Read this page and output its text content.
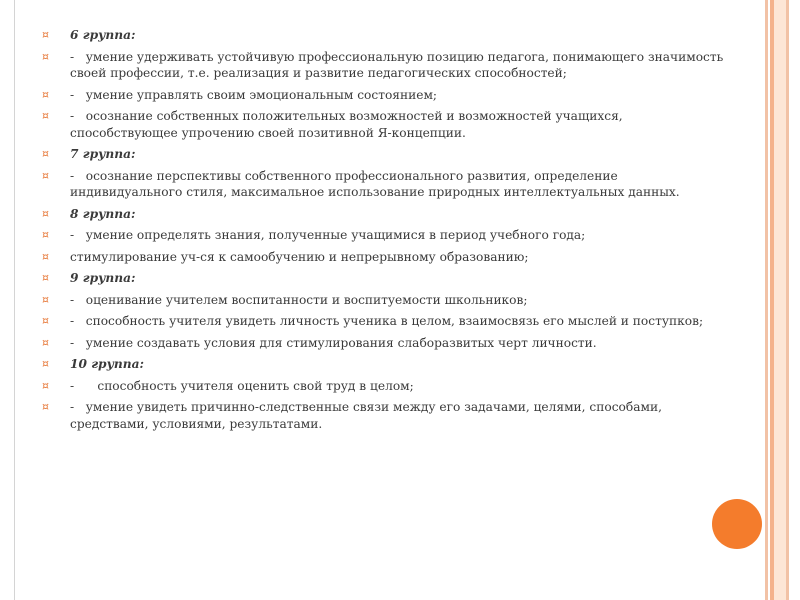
¤ 6 группа:
¤ -   умение удерживать устойчивую профессиональную позицию педагога, понимающего значимость своей профессии, т.е. реализация и развитие педагогических способностей;
¤ -   умение управлять своим эмоциональным состоянием;
¤ -   осознание собственных положительных возможностей и возможностей учащихся, способствующее упрочению своей позитивной Я-концепции.
¤ 7 группа:
¤ -   осознание перспективы собственного профессионального развития, определение индивидуального стиля, максимальное использование природных интеллектуальных данных.
¤ 8 группа:
¤ -   умение определять знания, полученные учащимися в период учебного года;
¤ стимулирование уч-ся к самообучению и непрерывному образованию;
¤ 9 группа:
¤ -   оценивание учителем воспитанности и воспитуемости школьников;
¤ -   способность учителя увидеть личность ученика в целом, взаимосвязь его мыслей и поступков;
¤ -   умение создавать условия для стимулирования слаборазвитых черт личности.
¤ 10 группа:
¤ -      способность учителя оценить свой труд в целом;
¤ -   умение увидеть причинно-следственные связи между его задачами, целями, способами, средствами, условиями, результатами.
